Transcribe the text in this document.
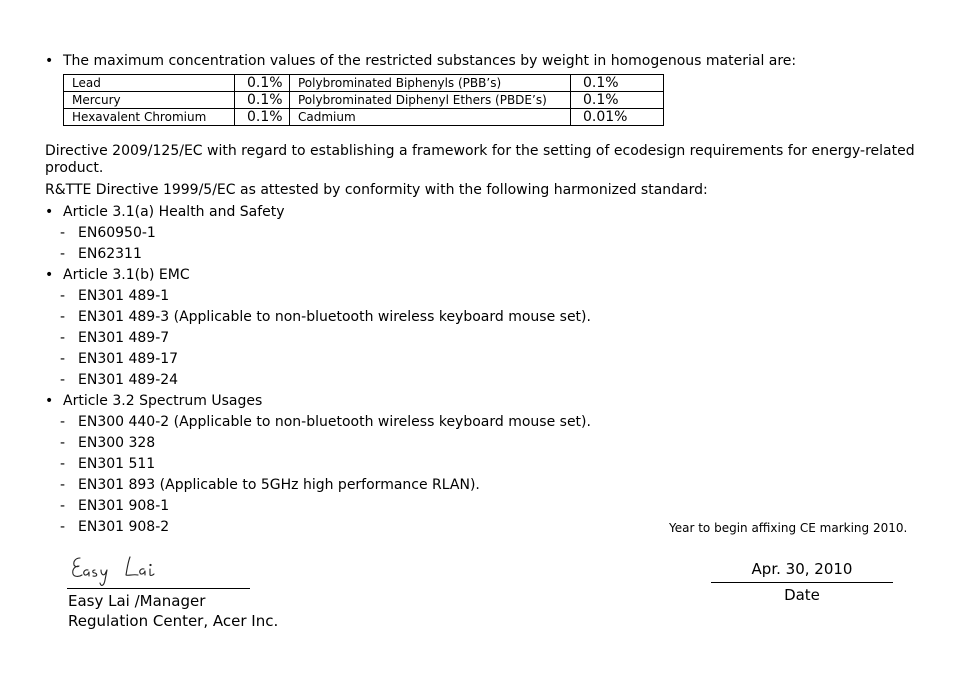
• The maximum concentration values of the restricted substances by weight in homogenous material are:
Lead	0.1%	Polybrominated Biphenyls (PBB’s)	0.1%
Mercury	0.1%	Polybrominated Diphenyl Ethers (PBDE’s)	0.1%
Hexavalent Chromium	0.1%	Cadmium	0.01%
Directive 2009/125/EC with regard to establishing a framework for the setting of ecodesign requirements for energy-related
product.
R&TTE Directive 1999/5/EC as attested by conformity with the following harmonized standard:
• Article 3.1(a) Health and Safety
- EN60950-1
- EN62311
• Article 3.1(b) EMC
- EN301 489-1
- EN301 489-3 (Applicable to non-bluetooth wireless keyboard mouse set).
- EN301 489-7
- EN301 489-17
- EN301 489-24
• Article 3.2 Spectrum Usages
- EN300 440-2 (Applicable to non-bluetooth wireless keyboard mouse set).
- EN300 328
- EN301 511
- EN301 893 (Applicable to 5GHz high performance RLAN).
- EN301 908-1
- EN301 908-2	Year to begin affixing CE marking 2010.
Easy Lai /Manager
Regulation Center, Acer Inc.
Apr. 30, 2010
Date
